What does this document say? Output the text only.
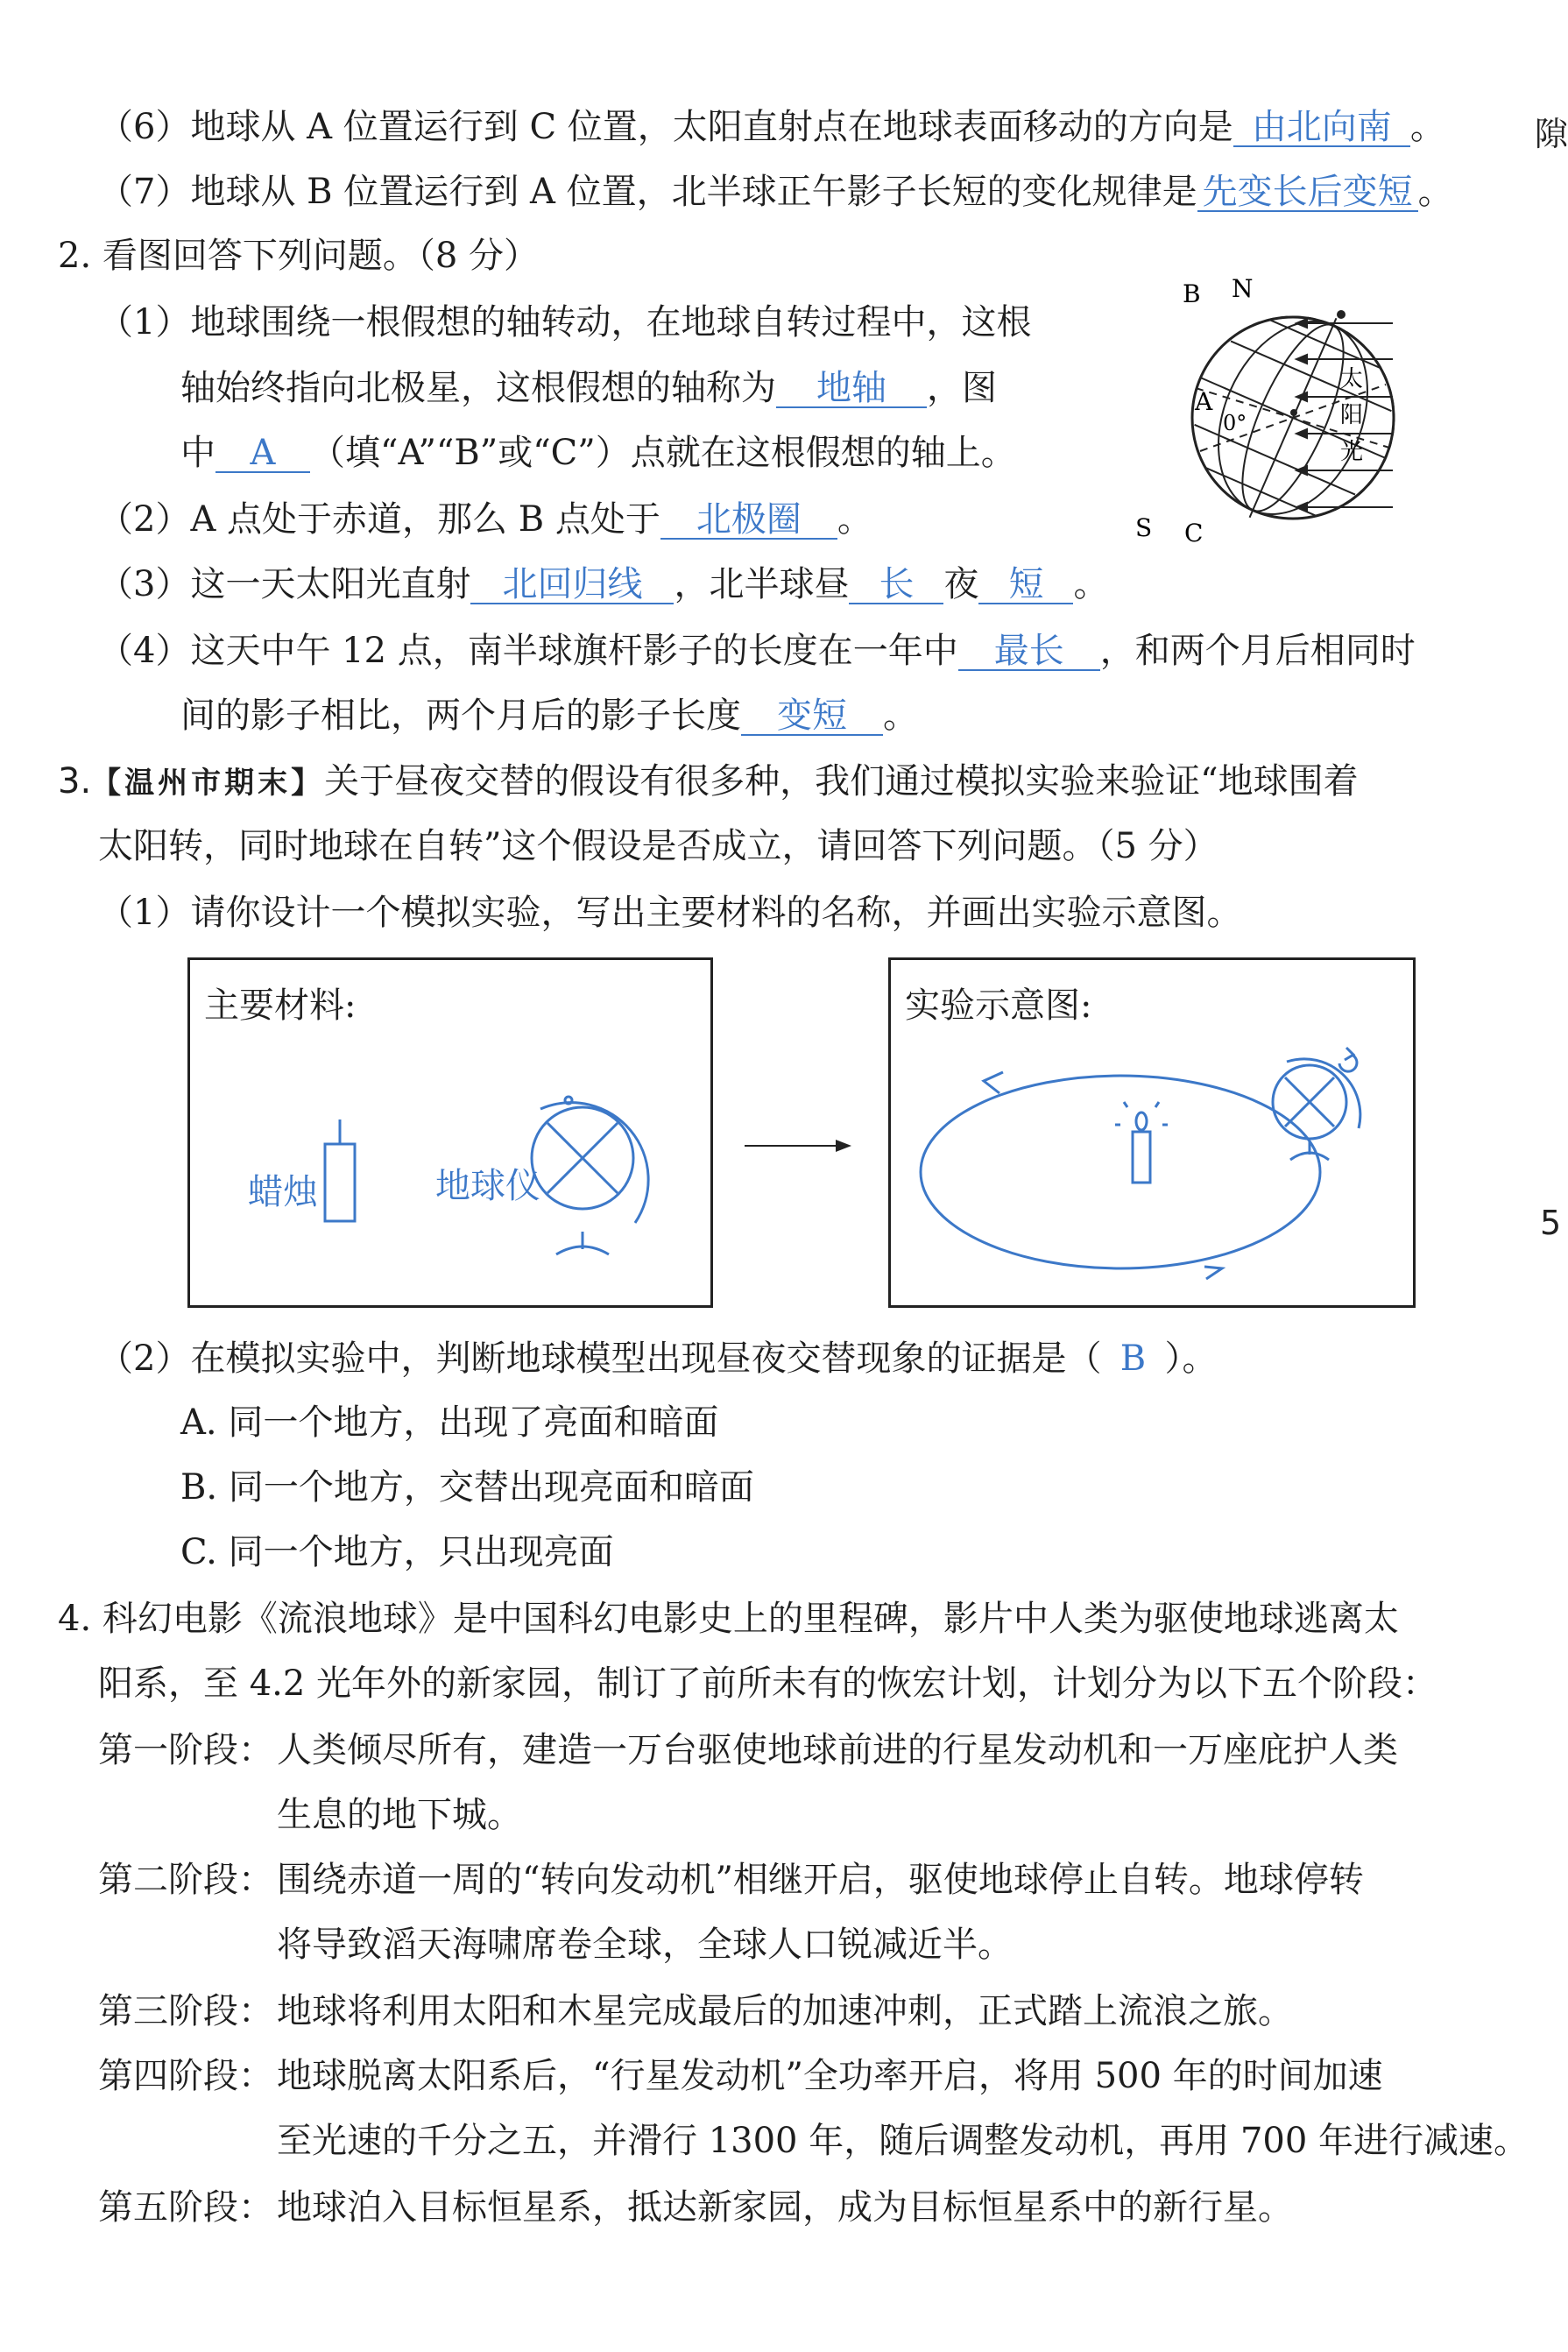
（6）地球从 A 位置运行到 C 位置，太阳直射点在地球表面移动的方向是 由北向南 。
（7）地球从 B 位置运行到 A 位置，北半球正午影子长短的变化规律是 先变长后变短 。
2. 看图回答下列问题。（8 分）
（1）地球围绕一根假想的轴转动，在地球自转过程中，这根
轴始终指向北极星，这根假想的轴称为 地轴 ，图
中 A （填“A”“B”或“C”）点就在这根假想的轴上。
（2）A 点处于赤道，那么 B 点处于 北极圈 。
（3）这一天太阳光直射 北回归线 ，北半球昼 长 夜 短 。
（4）这天中午 12 点，南半球旗杆影子的长度在一年中 最长 ，和两个月后相同时
间的影子相比，两个月后的影子长度 变短 。
B N
A
0°
S C
太
阳
光
3.【温州市期末】关于昼夜交替的假设有很多种，我们通过模拟实验来验证“地球围着
太阳转，同时地球在自转”这个假设是否成立，请回答下列问题。（5 分）
（1）请你设计一个模拟实验，写出主要材料的名称，并画出实验示意图。
主要材料:
蜡烛	地球仪
实验示意图:
（2）在模拟实验中，判断地球模型出现昼夜交替现象的证据是（ B ）。
A. 同一个地方，出现了亮面和暗面
B. 同一个地方，交替出现亮面和暗面
C. 同一个地方，只出现亮面
4. 科幻电影《流浪地球》是中国科幻电影史上的里程碑，影片中人类为驱使地球逃离太
阳系，至 4.2 光年外的新家园，制订了前所未有的恢宏计划，计划分为以下五个阶段：
第一阶段： 人类倾尽所有，建造一万台驱使地球前进的行星发动机和一万座庇护人类
生息的地下城。
第二阶段： 围绕赤道一周的“转向发动机”相继开启，驱使地球停止自转。地球停转
将导致滔天海啸席卷全球，全球人口锐减近半。
第三阶段： 地球将利用太阳和木星完成最后的加速冲刺，正式踏上流浪之旅。
第四阶段： 地球脱离太阳系后，“行星发动机”全功率开启，将用 500 年的时间加速
至光速的千分之五，并滑行 1300 年，随后调整发动机，再用 700 年进行减速。
第五阶段： 地球泊入目标恒星系，抵达新家园，成为目标恒星系中的新行星。
隙
5
